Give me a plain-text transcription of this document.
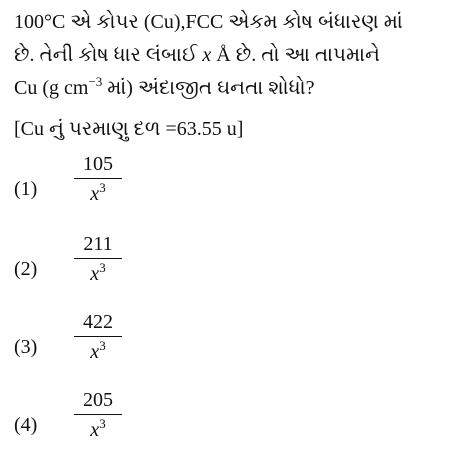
100°C એ કોપર (Cu),FCC એકમ કોષ બંધારણ માં
છે. તેની કોષ ધાર લંબાઈ x Å છે. તો આ તાપમાને
Cu (g $cm^{-3}$ માં) અંદાજીત ઘનતા શોધો?
[Cu નું પરમાણુ દળ =63.55 u]
(1)
105
$x^3$
(2)
211
$x^3$
(3)
422
$x^3$
(4)
205
$x^3$
